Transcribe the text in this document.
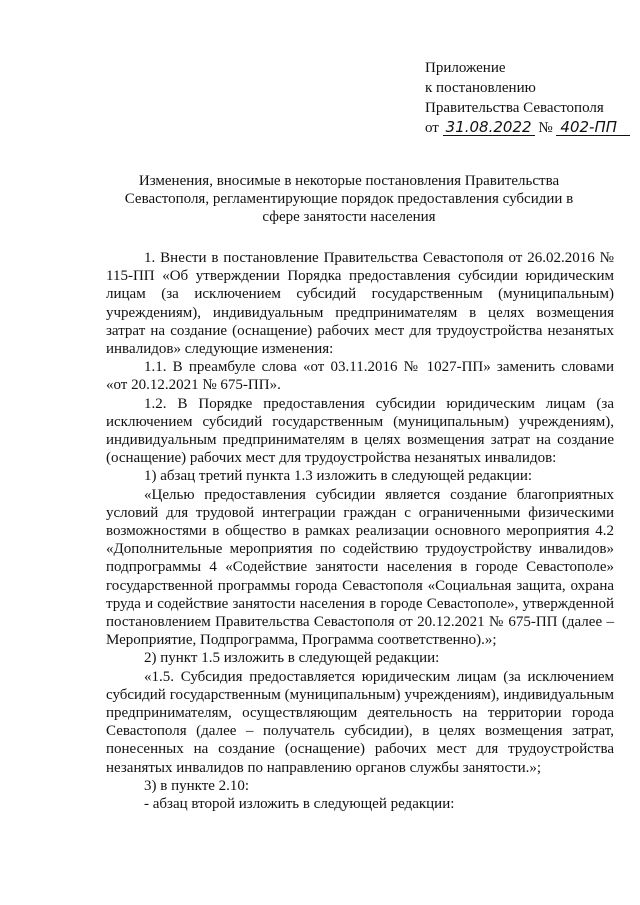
Приложение
к постановлению
Правительства Севастополя
от 31.08.2022 № 402-ПП
Изменения, вносимые в некоторые постановления Правительства Севастополя, регламентирующие порядок предоставления субсидии в сфере занятости населения

1. Внести в постановление Правительства Севастополя от 26.02.2016 № 115-ПП «Об утверждении Порядка предоставления субсидии юридическим лицам (за исключением субсидий государственным (муниципальным) учреждениям), индивидуальным предпринимателям в целях возмещения затрат на создание (оснащение) рабочих мест для трудоустройства незанятых инвалидов» следующие изменения:

1.1. В преамбуле слова «от 03.11.2016 № 1027-ПП» заменить словами «от 20.12.2021 № 675-ПП».

1.2. В Порядке предоставления субсидии юридическим лицам (за исключением субсидий государственным (муниципальным) учреждениям), индивидуальным предпринимателям в целях возмещения затрат на создание (оснащение) рабочих мест для трудоустройства незанятых инвалидов:

1) абзац третий пункта 1.3 изложить в следующей редакции:

«Целью предоставления субсидии является создание благоприятных условий для трудовой интеграции граждан с ограниченными физическими возможностями в общество в рамках реализации основного мероприятия 4.2 «Дополнительные мероприятия по содействию трудоустройству инвалидов» подпрограммы 4 «Содействие занятости населения в городе Севастополе» государственной программы города Севастополя «Социальная защита, охрана труда и содействие занятости населения в городе Севастополе», утвержденной постановлением Правительства Севастополя от 20.12.2021 № 675-ПП (далее – Мероприятие, Подпрограмма, Программа соответственно).»;

2) пункт 1.5 изложить в следующей редакции:

«1.5. Субсидия предоставляется юридическим лицам (за исключением субсидий государственным (муниципальным) учреждениям), индивидуальным предпринимателям, осуществляющим деятельность на территории города Севастополя (далее – получатель субсидии), в целях возмещения затрат, понесенных на создание (оснащение) рабочих мест для трудоустройства незанятых инвалидов по направлению органов службы занятости.»;

3) в пункте 2.10:

- абзац второй изложить в следующей редакции:
